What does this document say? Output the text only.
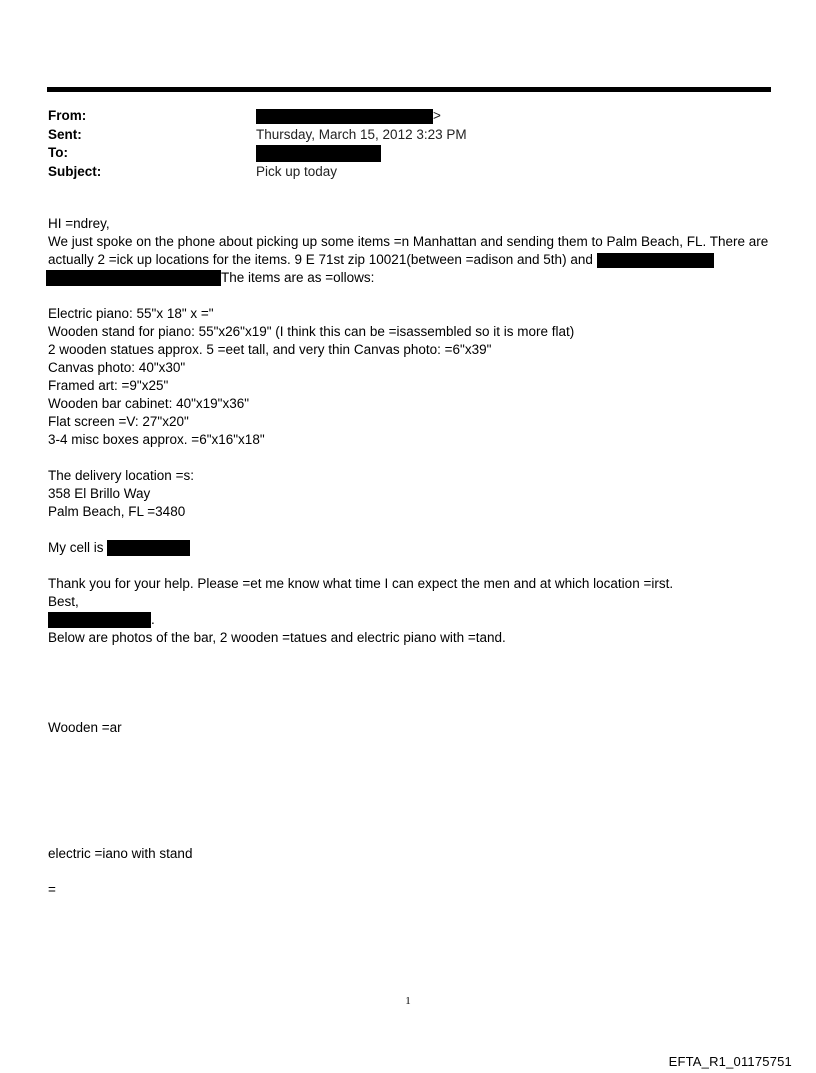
From:	>
Sent:	Thursday, March 15, 2012 3:23 PM
To:
Subject:	Pick up today

HI =ndrey,

We just spoke on the phone about picking up some items =n Manhattan and sending them to Palm Beach, FL. There are

actually 2 =ick up locations for the items. 9 E 71st zip 10021(between =adison and 5th) and

The items are as =ollows:

Electric piano: 55"x 18" x ="

Wooden stand for piano: 55"x26"x19" (I think this can be =isassembled so it is more flat)

2 wooden statues approx. 5 =eet tall, and very thin Canvas photo: =6"x39"

Canvas photo: 40"x30"

Framed art: =9"x25"

Wooden bar cabinet: 40"x19"x36"

Flat screen =V: 27"x20"

3-4 misc boxes approx. =6"x16"x18"

The delivery location =s:

358 El Brillo Way

Palm Beach, FL =3480

My cell is

Thank you for your help. Please =et me know what time I can expect the men and at which location =irst.

Best,

.

Below are photos of the bar, 2 wooden =tatues and electric piano with =tand.

Wooden =ar

electric =iano with stand

=

1
EFTA_R1_01175751
